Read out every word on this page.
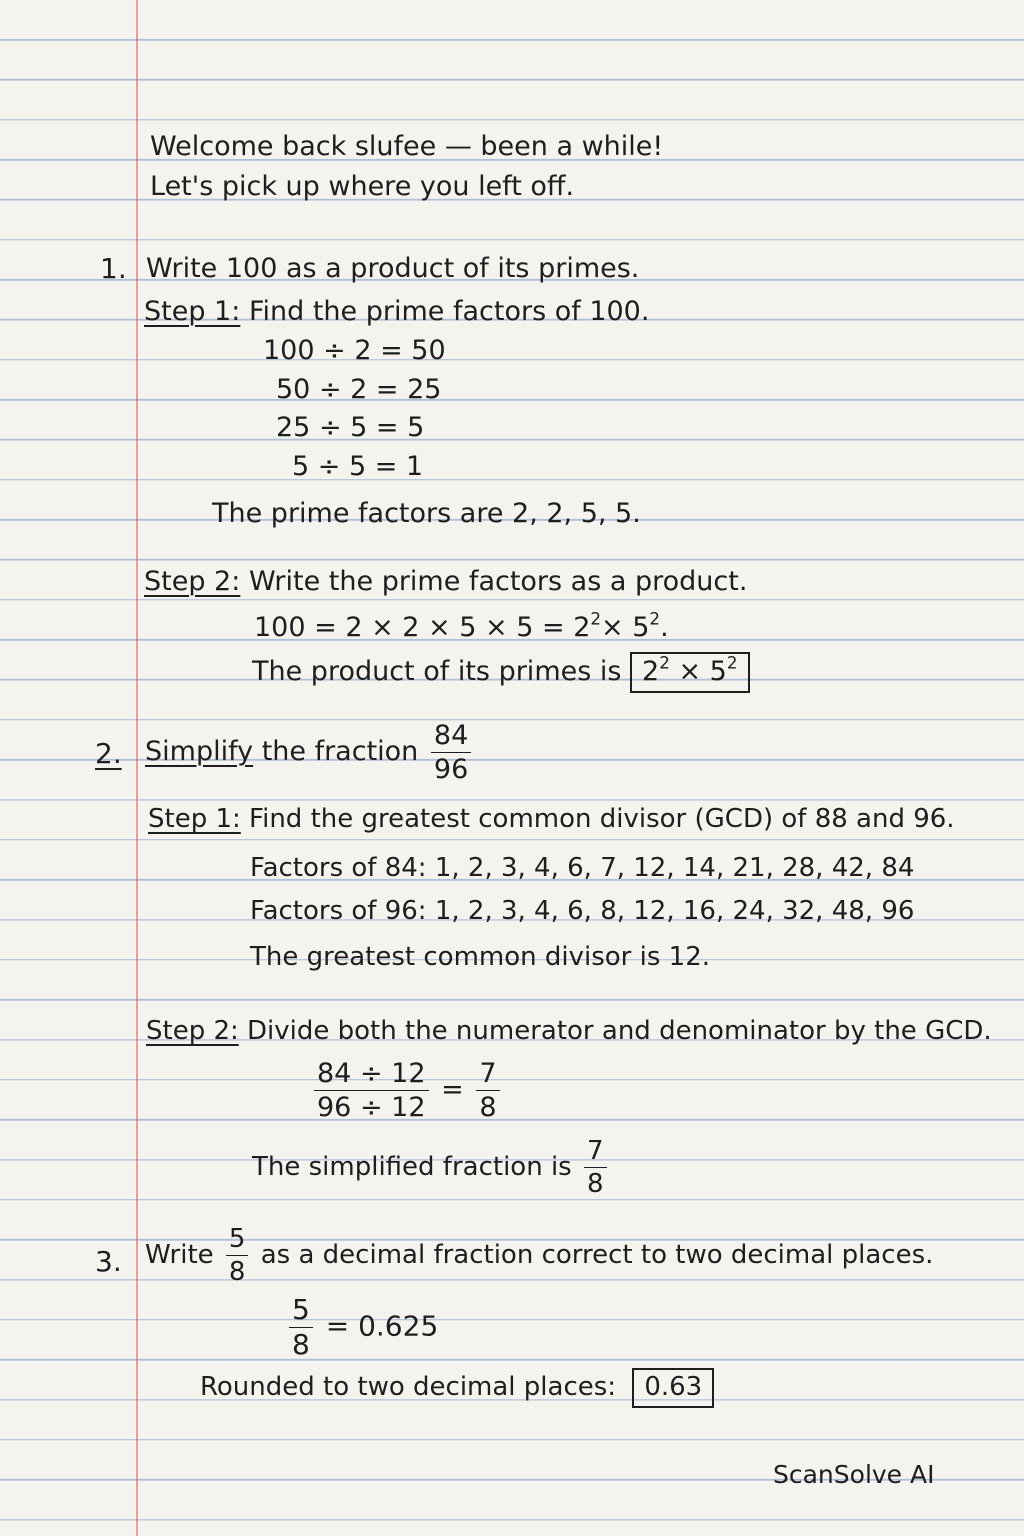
Welcome back slufee — been a while!
Let's pick up where you left off.
1. Write 100 as a product of its primes.
Step 1: Find the prime factors of 100.
100 ÷ 2 = 50
50 ÷ 2 = 25
25 ÷ 5 = 5
5 ÷ 5 = 1
The prime factors are 2, 2, 5, 5.
Step 2: Write the prime factors as a product.
$100 = 2 \times 2 \times 5 \times 5 = 2^2\times 5^2$.
The product of its primes is $2^2 \times 5^2$
2. Simplify the fraction $\frac{84}{96}$
Step 1: Find the greatest common divisor (GCD) of 88 and 96.
Factors of 84: 1, 2, 3, 4, 6, 7, 12, 14, 21, 28, 42, 84
Factors of 96: 1, 2, 3, 4, 6, 8, 12, 16, 24, 32, 48, 96
The greatest common divisor is 12.
Step 2: Divide both the numerator and denominator by the GCD.
$\frac{84 \div 12}{96 \div 12} = \frac{7}{8}$
The simplified fraction is $\frac{7}{8}$
3. Write $\frac{5}{8}$ as a decimal fraction correct to two decimal places.
$\frac{5}{8} = 0.625$
Rounded to two decimal places: 0.63
ScanSolve AI
